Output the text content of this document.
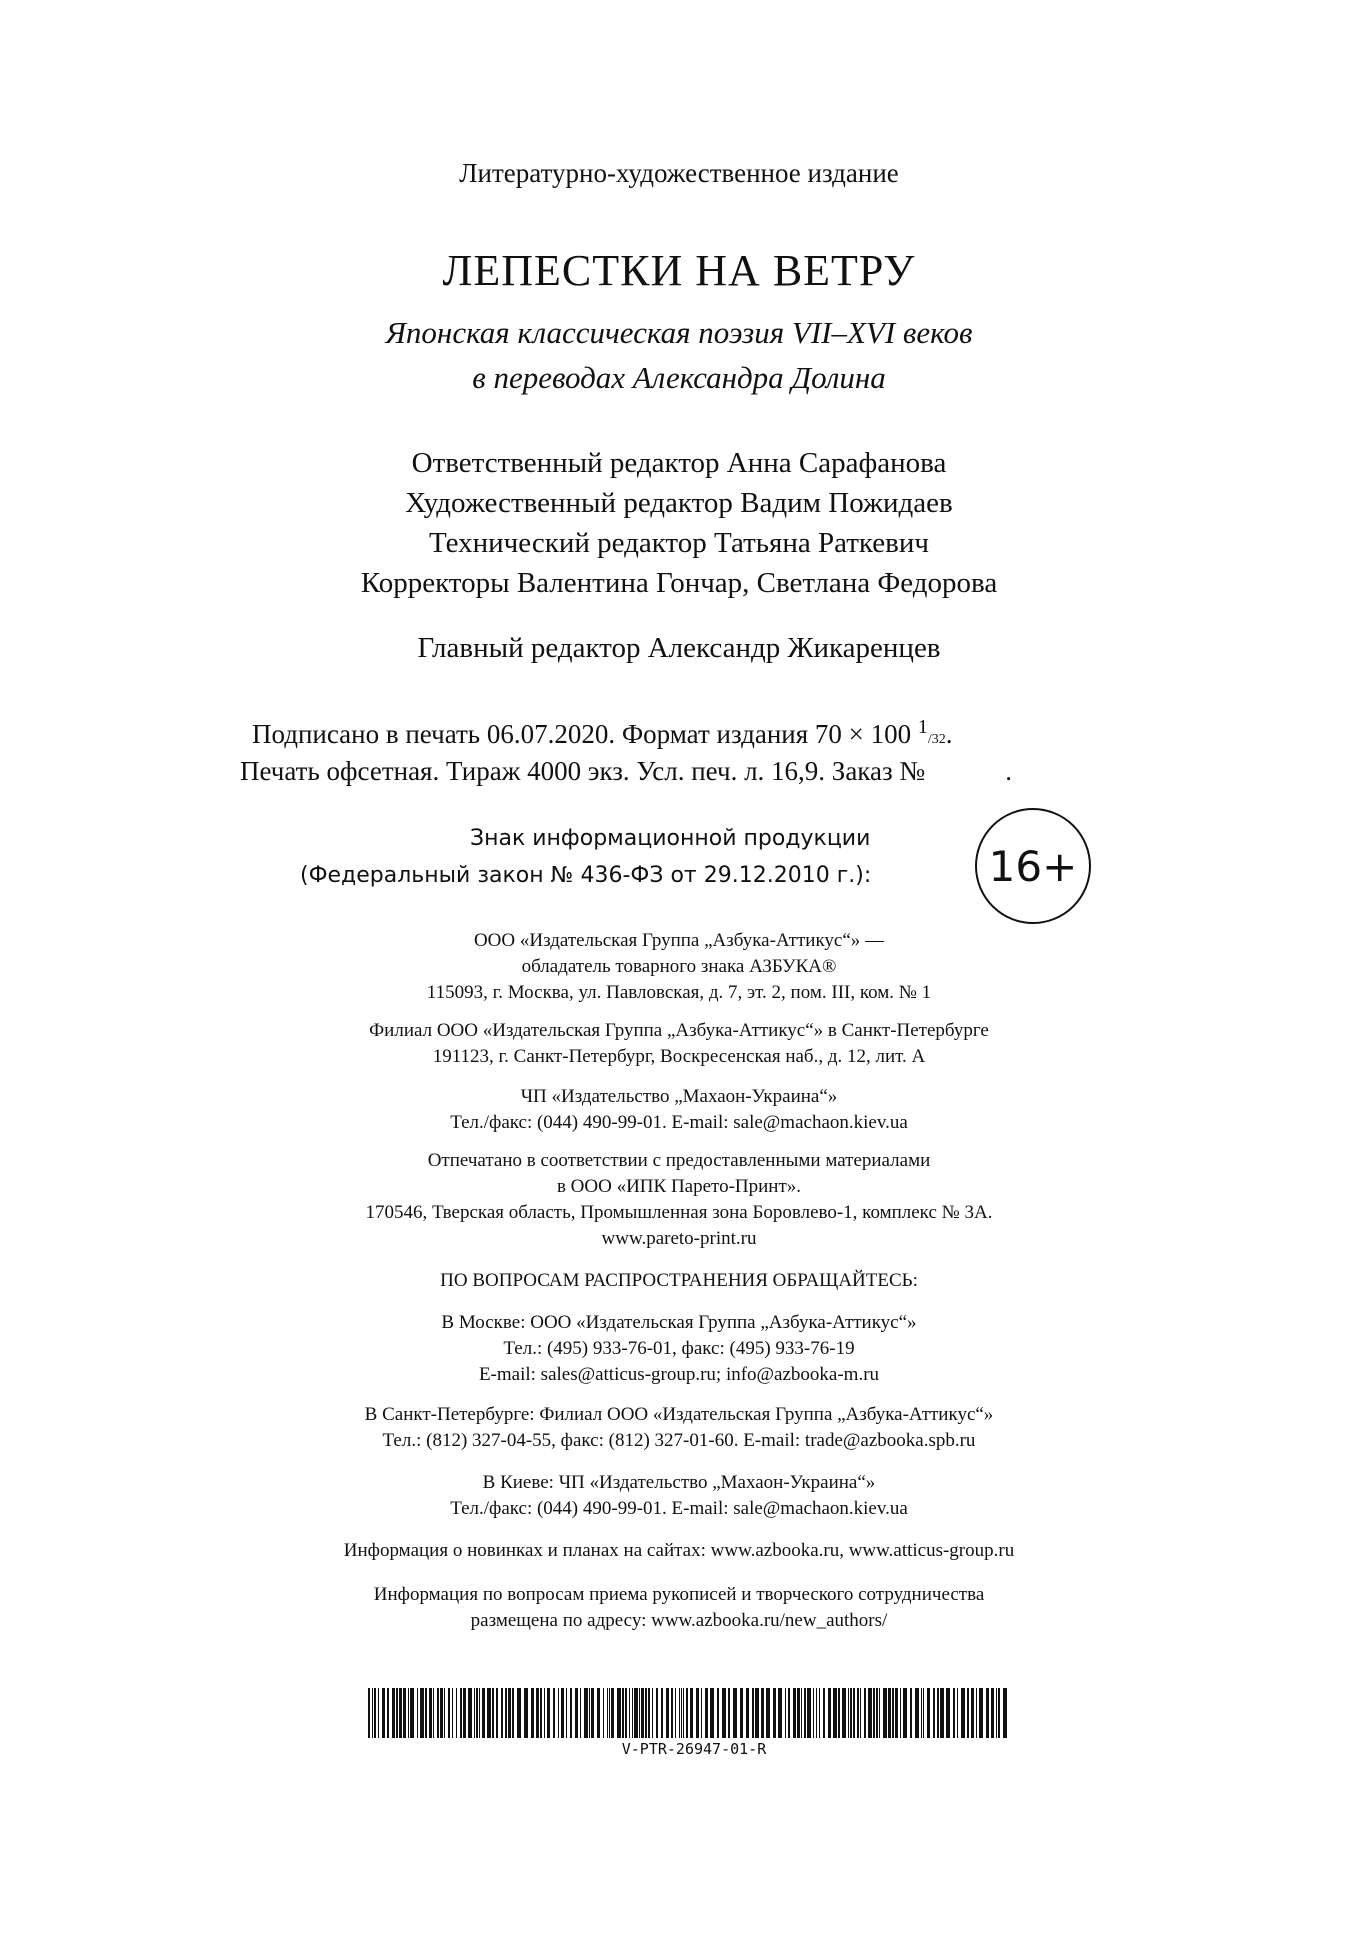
Литературно-художественное издание
ЛЕПЕСТКИ НА ВЕТРУ
Японская классическая поэзия VII–XVI веков
в переводах Александра Долина
Ответственный редактор Анна Сарафанова
Художественный редактор Вадим Пожидаев
Технический редактор Татьяна Раткевич
Корректоры Валентина Гончар, Светлана Федорова
Главный редактор Александр Жикаренцев
Подписано в печать 06.07.2020. Формат издания 70 × 100 $^1$/32.
Печать офсетная. Тираж 4000 экз. Усл. печ. л. 16,9. Заказ №	.
Знак информационной продукции
(Федеральный закон № 436-ФЗ от 29.12.2010 г.):	16+
ООО «Издательская Группа „Азбука-Аттикус“» —
обладатель товарного знака АЗБУКА®
115093, г. Москва, ул. Павловская, д. 7, эт. 2, пом. III, ком. № 1
Филиал ООО «Издательская Группа „Азбука-Аттикус“» в Санкт-Петербурге
191123, г. Санкт-Петербург, Воскресенская наб., д. 12, лит. А
ЧП «Издательство „Махаон-Украина“»
Тел./факс: (044) 490-99-01. E-mail: sale@machaon.kiev.ua
Отпечатано в соответствии с предоставленными материалами
в ООО «ИПК Парето-Принт».
170546, Тверская область, Промышленная зона Боровлево-1, комплекс № 3А.
www.pareto-print.ru
ПО ВОПРОСАМ РАСПРОСТРАНЕНИЯ ОБРАЩАЙТЕСЬ:
В Москве: ООО «Издательская Группа „Азбука-Аттикус“»
Тел.: (495) 933-76-01, факс: (495) 933-76-19
E-mail: sales@atticus-group.ru; info@azbooka-m.ru
В Санкт-Петербурге: Филиал ООО «Издательская Группа „Азбука-Аттикус“»
Тел.: (812) 327-04-55, факс: (812) 327-01-60. E-mail: trade@azbooka.spb.ru
В Киеве: ЧП «Издательство „Махаон-Украина“»
Тел./факс: (044) 490-99-01. E-mail: sale@machaon.kiev.ua
Информация о новинках и планах на сайтах: www.azbooka.ru, www.atticus-group.ru
Информация по вопросам приема рукописей и творческого сотрудничества
размещена по адресу: www.azbooka.ru/new_authors/
V-PTR-26947-01-R
